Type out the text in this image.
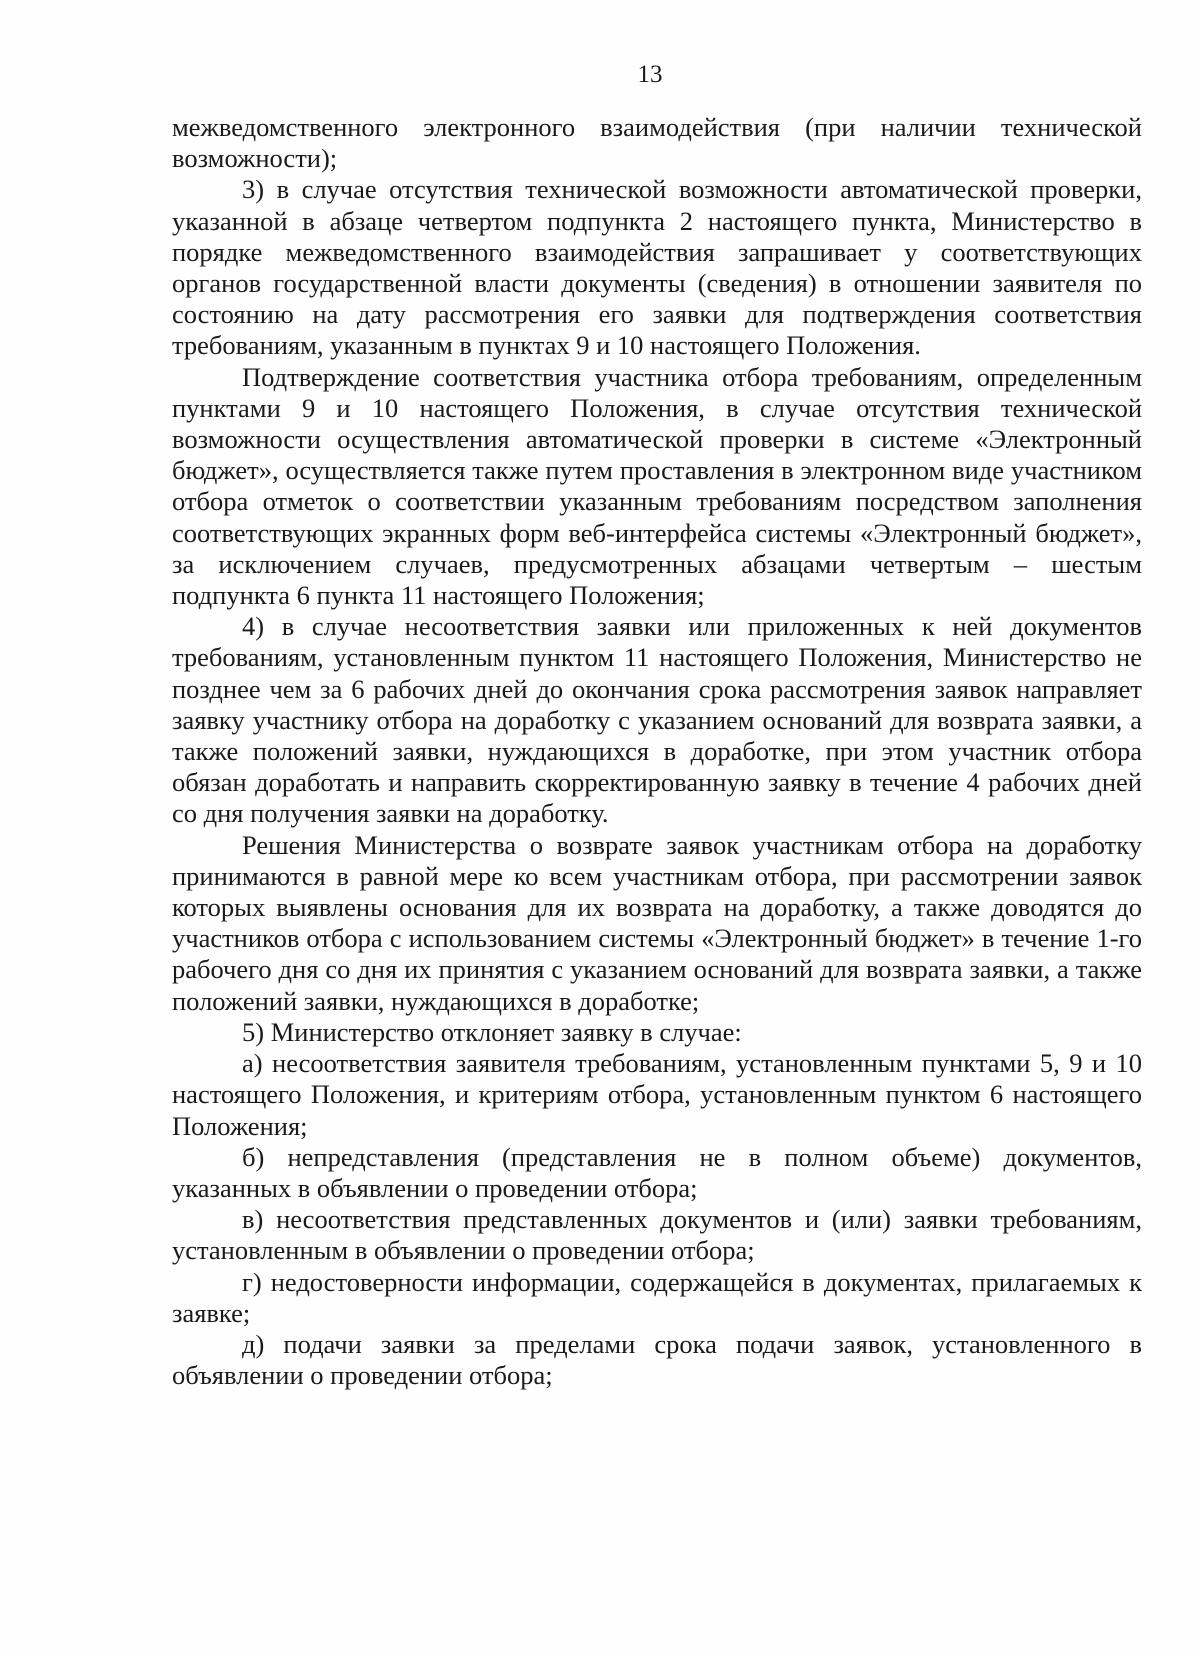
13

межведомственного электронного взаимодействия (при наличии технической возможности);

3) в случае отсутствия технической возможности автоматической проверки, указанной в абзаце четвертом подпункта 2 настоящего пункта, Министерство в порядке межведомственного взаимодействия запрашивает у соответствующих органов государственной власти документы (сведения) в отношении заявителя по состоянию на дату рассмотрения его заявки для подтверждения соответствия требованиям, указанным в пунктах 9 и 10 настоящего Положения.

Подтверждение соответствия участника отбора требованиям, определенным пунктами 9 и 10 настоящего Положения, в случае отсутствия технической возможности осуществления автоматической проверки в системе «Электронный бюджет», осуществляется также путем проставления в электронном виде участником отбора отметок о соответствии указанным требованиям посредством заполнения соответствующих экранных форм веб-интерфейса системы «Электронный бюджет», за исключением случаев, предусмотренных абзацами четвертым – шестым подпункта 6 пункта 11 настоящего Положения;

4) в случае несоответствия заявки или приложенных к ней документов требованиям, установленным пунктом 11 настоящего Положения, Министерство не позднее чем за 6 рабочих дней до окончания срока рассмотрения заявок направляет заявку участнику отбора на доработку с указанием оснований для возврата заявки, а также положений заявки, нуждающихся в доработке, при этом участник отбора обязан доработать и направить скорректированную заявку в течение 4 рабочих дней со дня получения заявки на доработку.

Решения Министерства о возврате заявок участникам отбора на доработку принимаются в равной мере ко всем участникам отбора, при рассмотрении заявок которых выявлены основания для их возврата на доработку, а также доводятся до участников отбора с использованием системы «Электронный бюджет» в течение 1-го рабочего дня со дня их принятия с указанием оснований для возврата заявки, а также положений заявки, нуждающихся в доработке;

5) Министерство отклоняет заявку в случае:

а) несоответствия заявителя требованиям, установленным пунктами 5, 9 и 10 настоящего Положения, и критериям отбора, установленным пунктом 6 настоящего Положения;

б) непредставления (представления не в полном объеме) документов, указанных в объявлении о проведении отбора;

в) несоответствия представленных документов и (или) заявки требованиям, установленным в объявлении о проведении отбора;

г) недостоверности информации, содержащейся в документах, прилагаемых к заявке;

д) подачи заявки за пределами срока подачи заявок, установленного в объявлении о проведении отбора;
